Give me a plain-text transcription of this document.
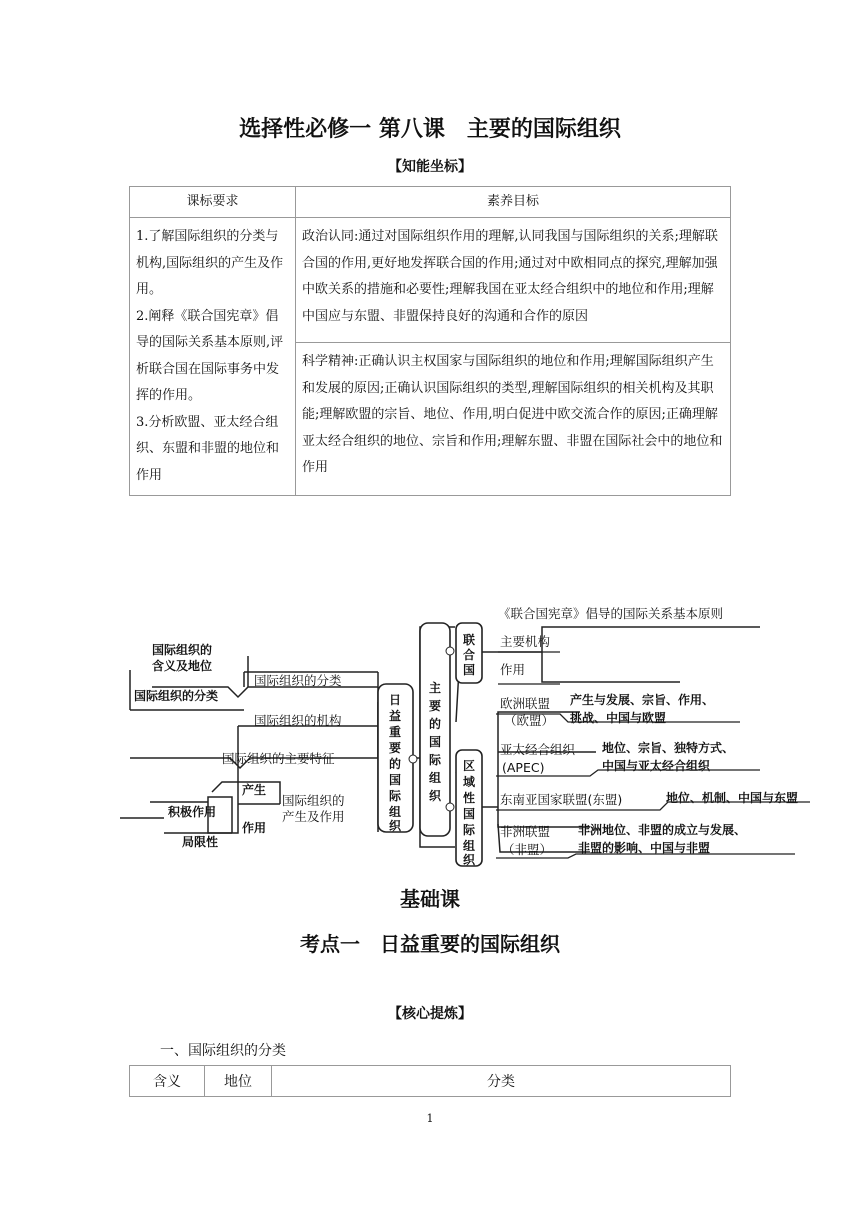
选择性必修一 第八课　主要的国际组织
【知能坐标】
课标要求	素养目标
1.了解国际组织的分类与机构,国际组织的产生及作用。
2.阐释《联合国宪章》倡导的国际关系基本原则,评析联合国在国际事务中发挥的作用。
3.分析欧盟、亚太经合组织、东盟和非盟的地位和作用	政治认同:通过对国际组织作用的理解,认同我国与国际组织的关系;理解联合国的作用,更好地发挥联合国的作用;通过对中欧相同点的探究,理解加强中欧关系的措施和必要性;理解我国在亚太经合组织中的地位和作用;理解中国应与东盟、非盟保持良好的沟通和合作的原因
	科学精神:正确认识主权国家与国际组织的地位和作用;理解国际组织产生和发展的原因;正确认识国际组织的类型,理解国际组织的相关机构及其职能;理解欧盟的宗旨、地位、作用,明白促进中欧交流合作的原因;正确理解亚太经合组织的地位、宗旨和作用;理解东盟、非盟在国际社会中的地位和作用
日
益
重
要
的
国
际
组
织
主
要
的
国
际
组
织
联
合
国
区
域
性
国
际
组
织
国际组织的分类
国际组织的
含义及地位
国际组织的分类
国际组织的机构
国际组织的主要特征
国际组织的
产生及作用
产生
作用
积极作用
局限性
《联合国宪章》倡导的国际关系基本原则
主要机构
作用
欧洲联盟
（欧盟）
产生与发展、宗旨、作用、
挑战、中国与欧盟
亚太经合组织
(APEC)
地位、宗旨、独特方式、
中国与亚太经合组织
东南亚国家联盟(东盟)	地位、机制、中国与东盟
非洲联盟
（非盟）
非洲地位、非盟的成立与发展、
非盟的影响、中国与非盟
基础课
考点一　日益重要的国际组织
【核心提炼】
一、国际组织的分类
含义	地位	分类
1
